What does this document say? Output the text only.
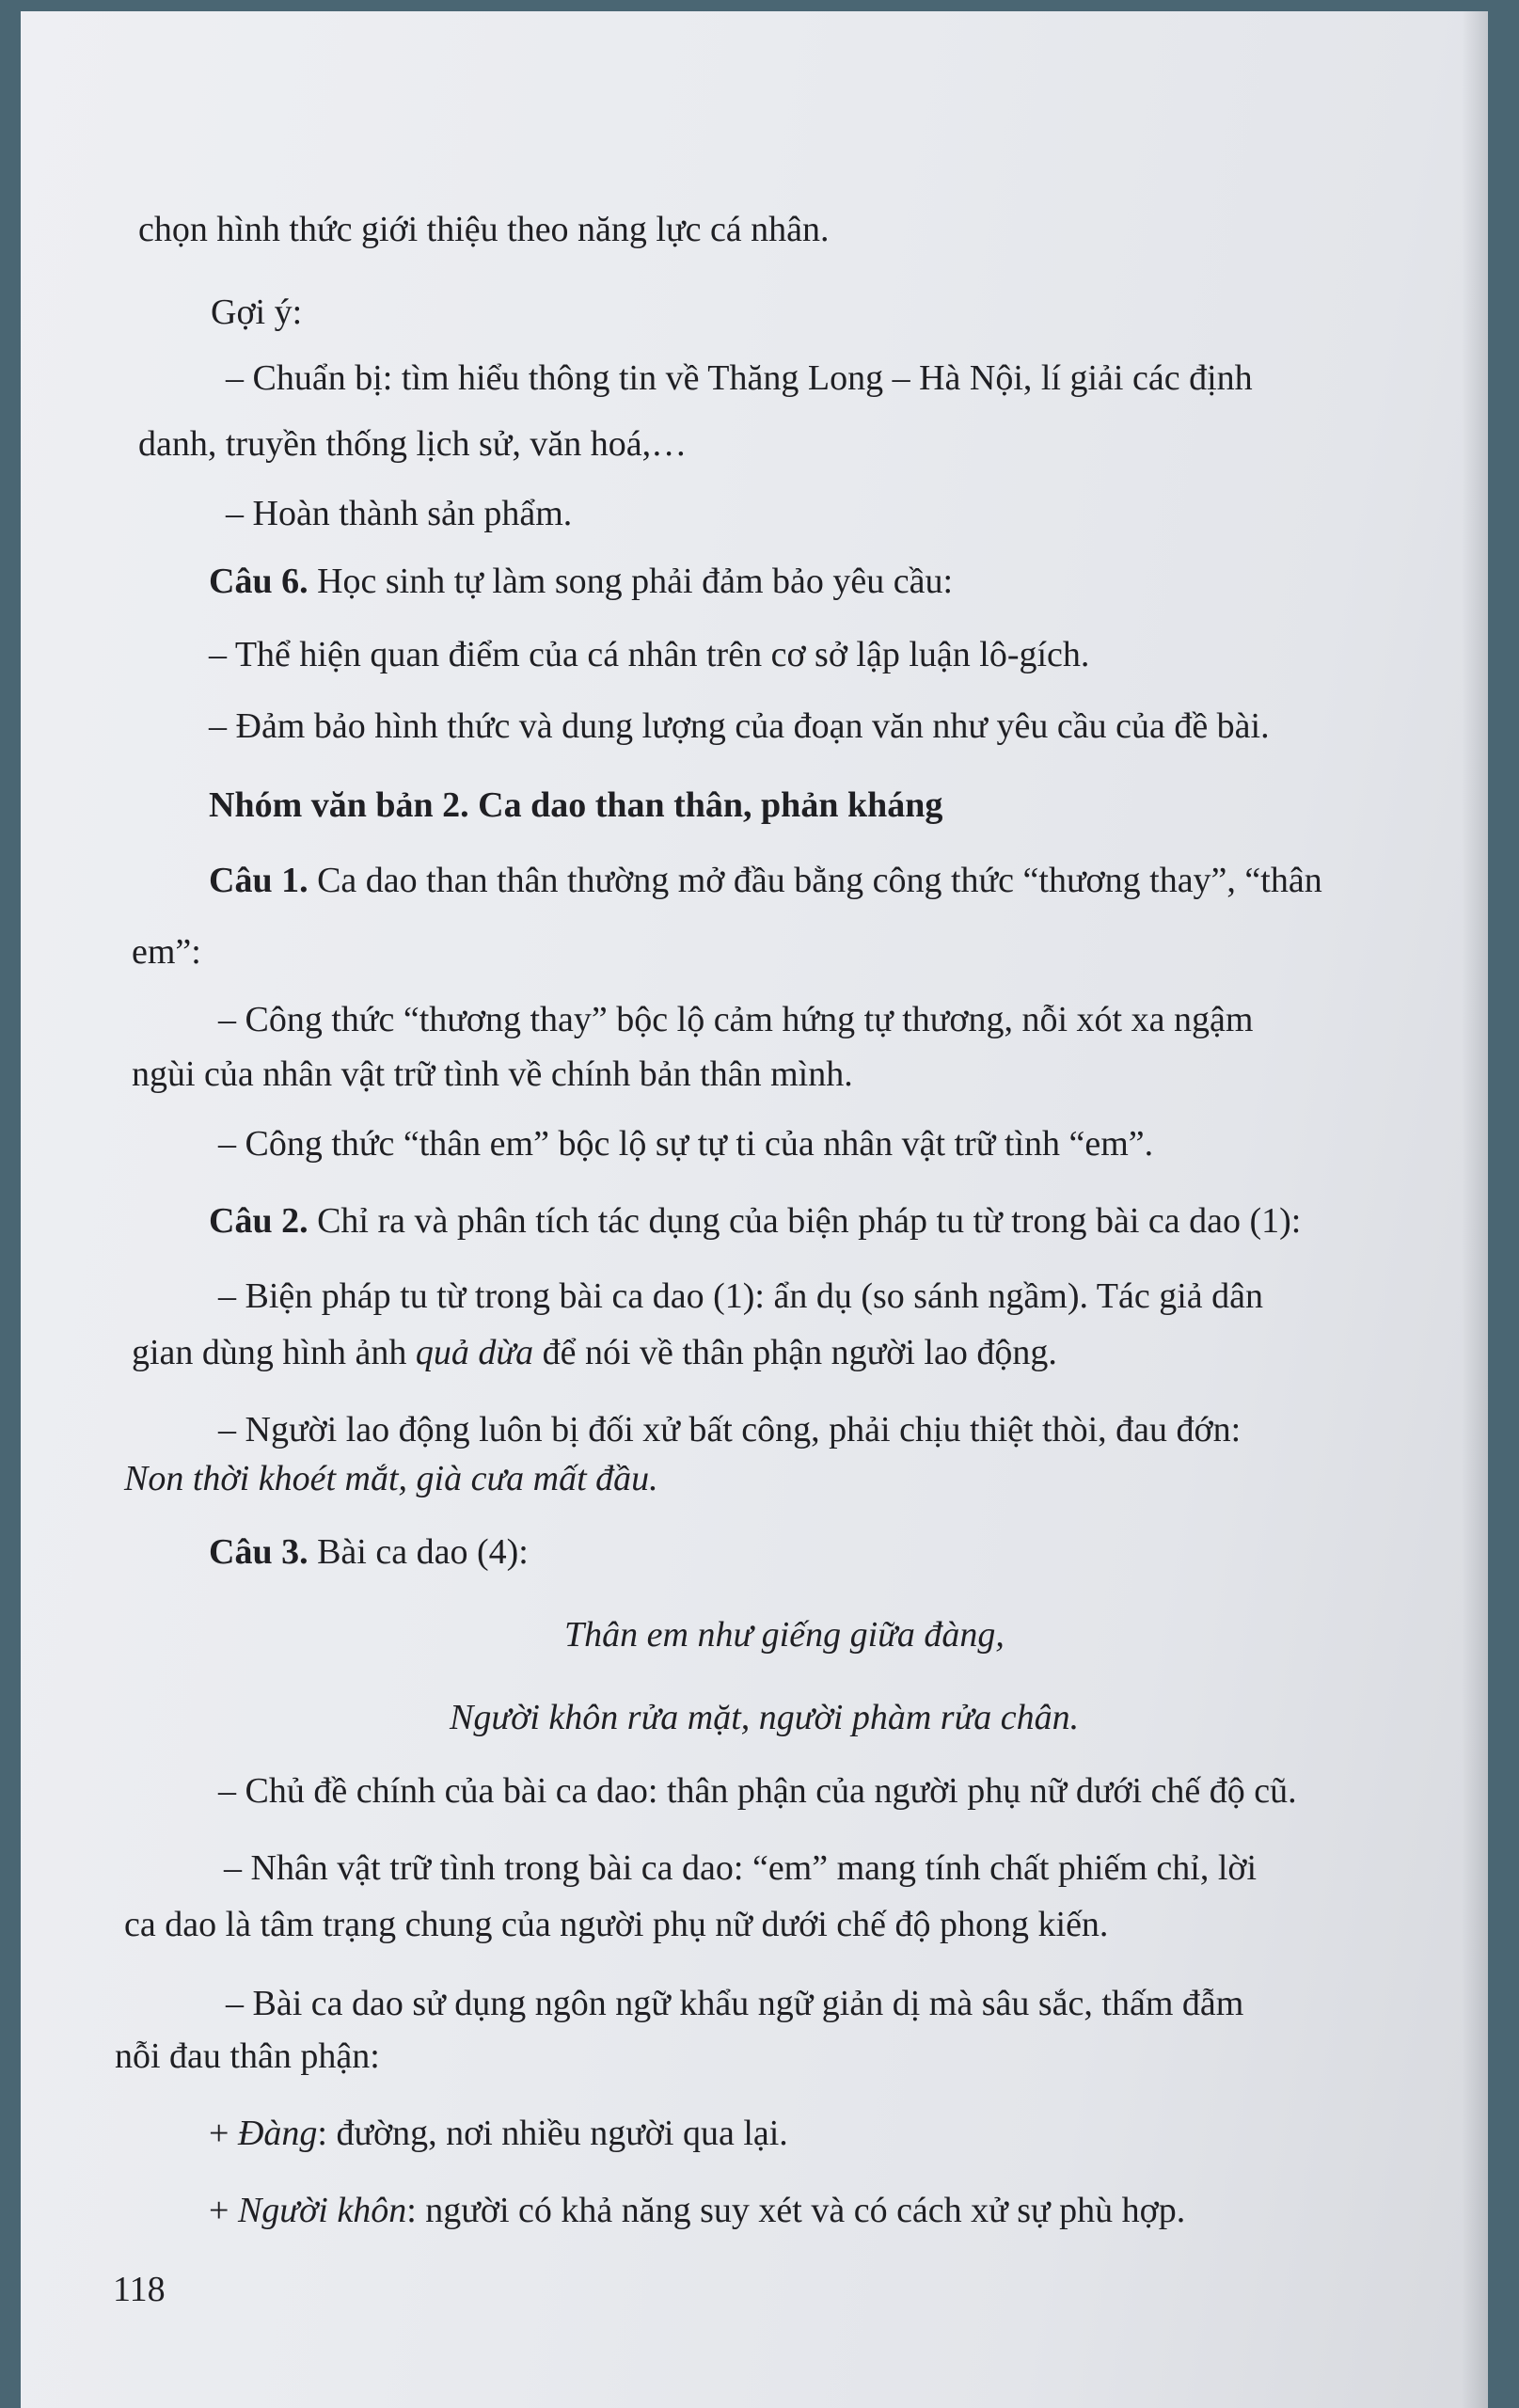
chọn hình thức giới thiệu theo năng lực cá nhân.
Gợi ý:
– Chuẩn bị: tìm hiểu thông tin về Thăng Long – Hà Nội, lí giải các định
danh, truyền thống lịch sử, văn hoá,…
– Hoàn thành sản phẩm.
Câu 6. Học sinh tự làm song phải đảm bảo yêu cầu:
– Thể hiện quan điểm của cá nhân trên cơ sở lập luận lô-gích.
– Đảm bảo hình thức và dung lượng của đoạn văn như yêu cầu của đề bài.
Nhóm văn bản 2. Ca dao than thân, phản kháng
Câu 1. Ca dao than thân thường mở đầu bằng công thức “thương thay”, “thân
em”:
– Công thức “thương thay” bộc lộ cảm hứng tự thương, nỗi xót xa ngậm
ngùi của nhân vật trữ tình về chính bản thân mình.
– Công thức “thân em” bộc lộ sự tự ti của nhân vật trữ tình “em”.
Câu 2. Chỉ ra và phân tích tác dụng của biện pháp tu từ trong bài ca dao (1):
– Biện pháp tu từ trong bài ca dao (1): ẩn dụ (so sánh ngầm). Tác giả dân
gian dùng hình ảnh quả dừa để nói về thân phận người lao động.
– Người lao động luôn bị đối xử bất công, phải chịu thiệt thòi, đau đớn:
Non thời khoét mắt, già cưa mất đầu.
Câu 3. Bài ca dao (4):
Thân em như giếng giữa đàng,
Người khôn rửa mặt, người phàm rửa chân.
– Chủ đề chính của bài ca dao: thân phận của người phụ nữ dưới chế độ cũ.
– Nhân vật trữ tình trong bài ca dao: “em” mang tính chất phiếm chỉ, lời
ca dao là tâm trạng chung của người phụ nữ dưới chế độ phong kiến.
– Bài ca dao sử dụng ngôn ngữ khẩu ngữ giản dị mà sâu sắc, thấm đẫm
nỗi đau thân phận:
+ Đàng: đường, nơi nhiều người qua lại.
+ Người khôn: người có khả năng suy xét và có cách xử sự phù hợp.
118
